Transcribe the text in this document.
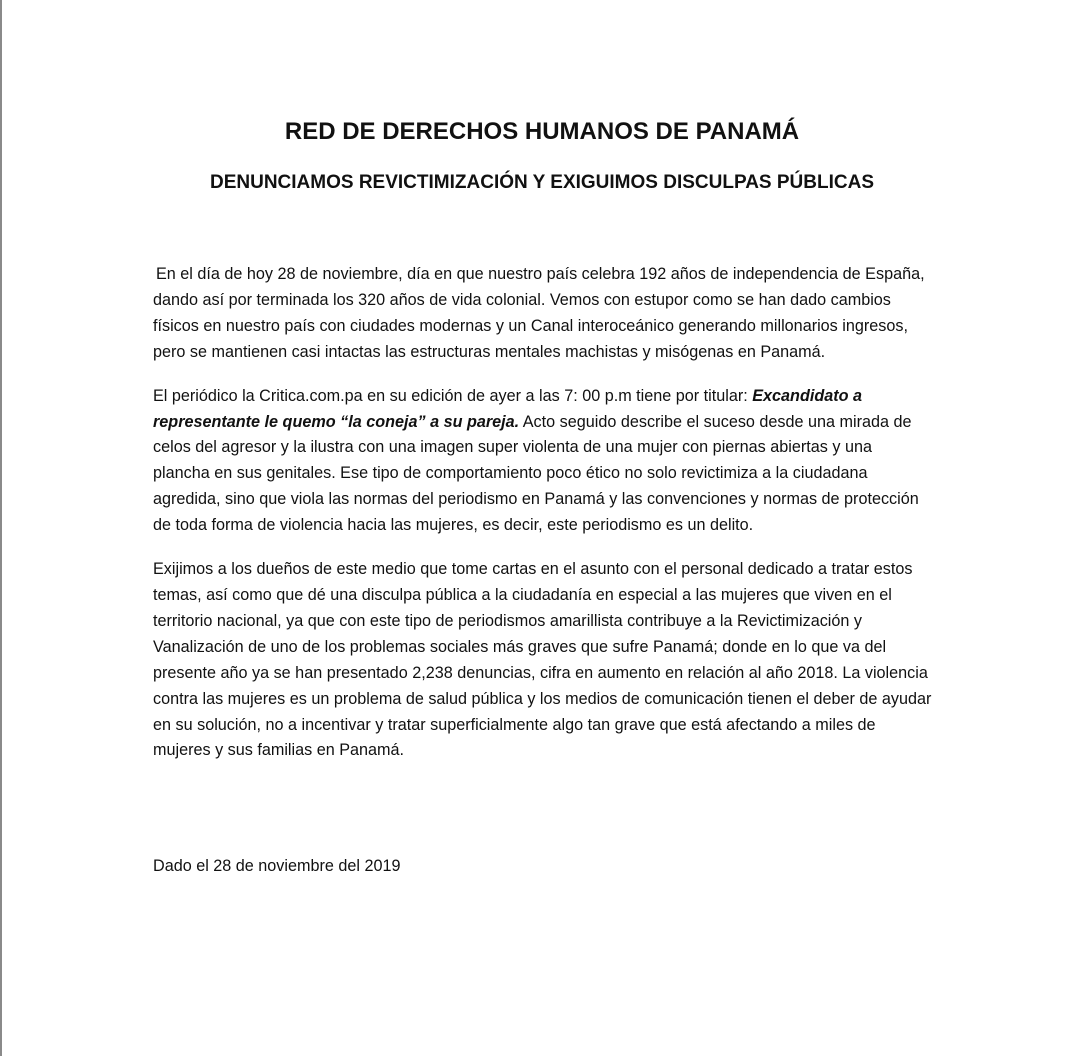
RED DE DERECHOS HUMANOS DE PANAMÁ
DENUNCIAMOS REVICTIMIZACIÓN Y EXIGUIMOS DISCULPAS PÚBLICAS

En el día de hoy 28 de noviembre, día en que nuestro país celebra 192 años de independencia de España, dando así por terminada los 320 años de vida colonial. Vemos con estupor como se han dado cambios físicos en nuestro país con ciudades modernas y un Canal interoceánico generando millonarios ingresos, pero se mantienen casi intactas las estructuras mentales machistas y misógenas en Panamá.

El periódico la Critica.com.pa en su edición de ayer a las 7: 00 p.m tiene por titular: Excandidato a representante le quemo “la coneja” a su pareja. Acto seguido describe el suceso desde una mirada de celos del agresor y la ilustra con una imagen super violenta de una mujer con piernas abiertas y una plancha en sus genitales. Ese tipo de comportamiento poco ético no solo revictimiza a la ciudadana agredida, sino que viola las normas del periodismo en Panamá y las convenciones y normas de protección de toda forma de violencia hacia las mujeres, es decir, este periodismo es un delito.

Exijimos a los dueños de este medio que tome cartas en el asunto con el personal dedicado a tratar estos temas, así como que dé una disculpa pública a la ciudadanía en especial a las mujeres que viven en el territorio nacional, ya que con este tipo de periodismos amarillista contribuye a la Revictimización y Vanalización de uno de los problemas sociales más graves que sufre Panamá; donde en lo que va del presente año ya se han presentado 2,238 denuncias, cifra en aumento en relación al año 2018. La violencia contra las mujeres es un problema de salud pública y los medios de comunicación tienen el deber de ayudar en su solución, no a incentivar y tratar superficialmente algo tan grave que está afectando a miles de mujeres y sus familias en Panamá.

Dado el 28 de noviembre del 2019
